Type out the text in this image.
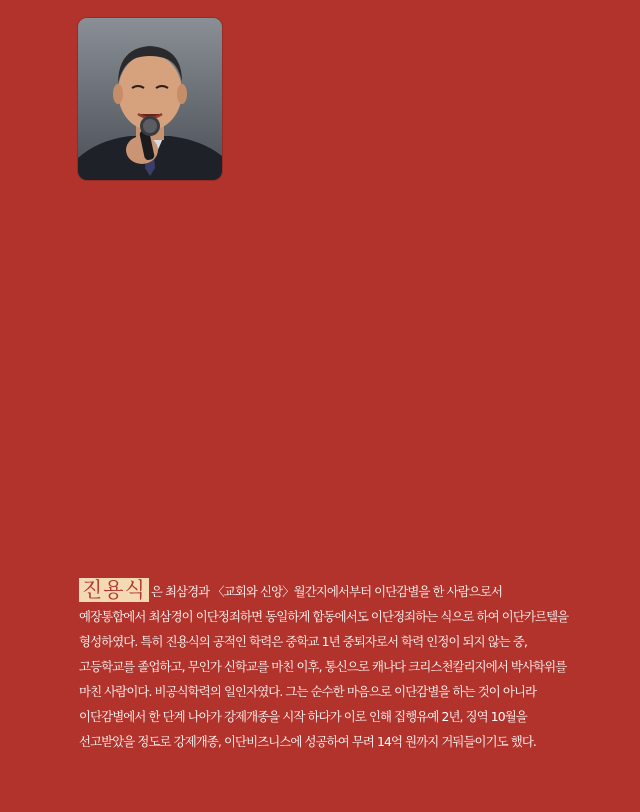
진용식 은 최삼경과 〈교회와 신앙〉월간지에서부터 이단감별을 한 사람으로서 예장통합에서 최삼경이 이단정죄하면 동일하게 합동에서도 이단정죄하는 식으로 하여 이단카르텔을 형성하였다. 특히 진용식의 공적인 학력은 중학교 1년 중퇴자로서 학력 인정이 되지 않는 중, 고등학교를 졸업하고, 무인가 신학교를 마친 이후, 통신으로 캐나다 크리스천칼리지에서 박사학위를 마친 사람이다. 비공식학력의 일인자였다. 그는 순수한 마음으로 이단감별을 하는 것이 아니라 이단감별에서 한 단계 나아가 강제개종을 시작 하다가 이로 인해 집행유예 2년, 징역 10월을 선고받았을 정도로 강제개종, 이단비즈니스에 성공하여 무려 14억 원까지 거둬들이기도 했다.
